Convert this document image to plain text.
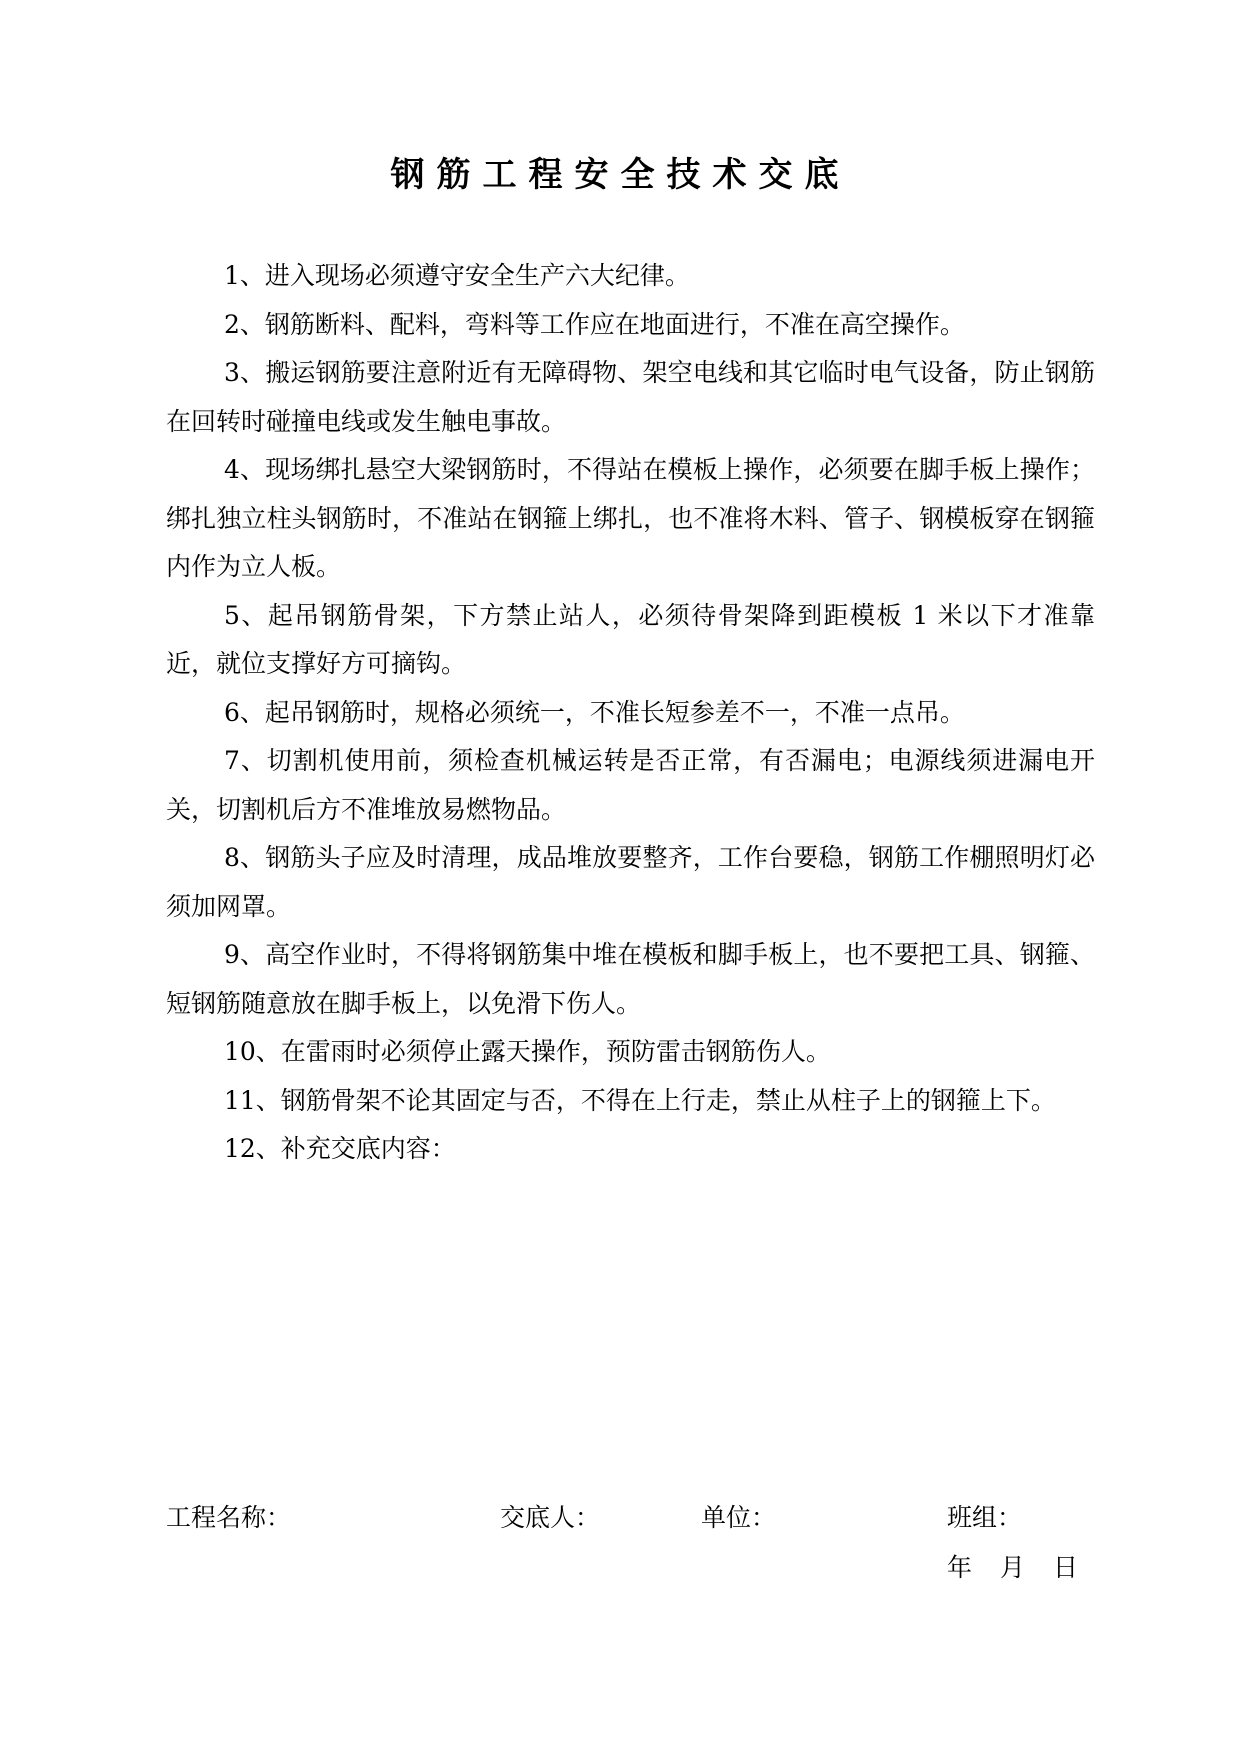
钢筋工程安全技术交底

1、进入现场必须遵守安全生产六大纪律。

2、钢筋断料、配料，弯料等工作应在地面进行，不准在高空操作。

3、搬运钢筋要注意附近有无障碍物、架空电线和其它临时电气设备，防止钢筋在回转时碰撞电线或发生触电事故。

4、现场绑扎悬空大梁钢筋时，不得站在模板上操作，必须要在脚手板上操作；绑扎独立柱头钢筋时，不准站在钢箍上绑扎，也不准将木料、管子、钢模板穿在钢箍内作为立人板。

5、起吊钢筋骨架，下方禁止站人，必须待骨架降到距模板 1 米以下才准靠近，就位支撑好方可摘钩。

6、起吊钢筋时，规格必须统一，不准长短参差不一，不准一点吊。

7、切割机使用前，须检查机械运转是否正常，有否漏电；电源线须进漏电开关，切割机后方不准堆放易燃物品。

8、钢筋头子应及时清理，成品堆放要整齐，工作台要稳，钢筋工作棚照明灯必须加网罩。

9、高空作业时，不得将钢筋集中堆在模板和脚手板上，也不要把工具、钢箍、短钢筋随意放在脚手板上，以免滑下伤人。

10、在雷雨时必须停止露天操作，预防雷击钢筋伤人。

11、钢筋骨架不论其固定与否，不得在上行走，禁止从柱子上的钢箍上下。

12、补充交底内容：

工程名称：	交底人：	单位：	班组：
年 月 日
